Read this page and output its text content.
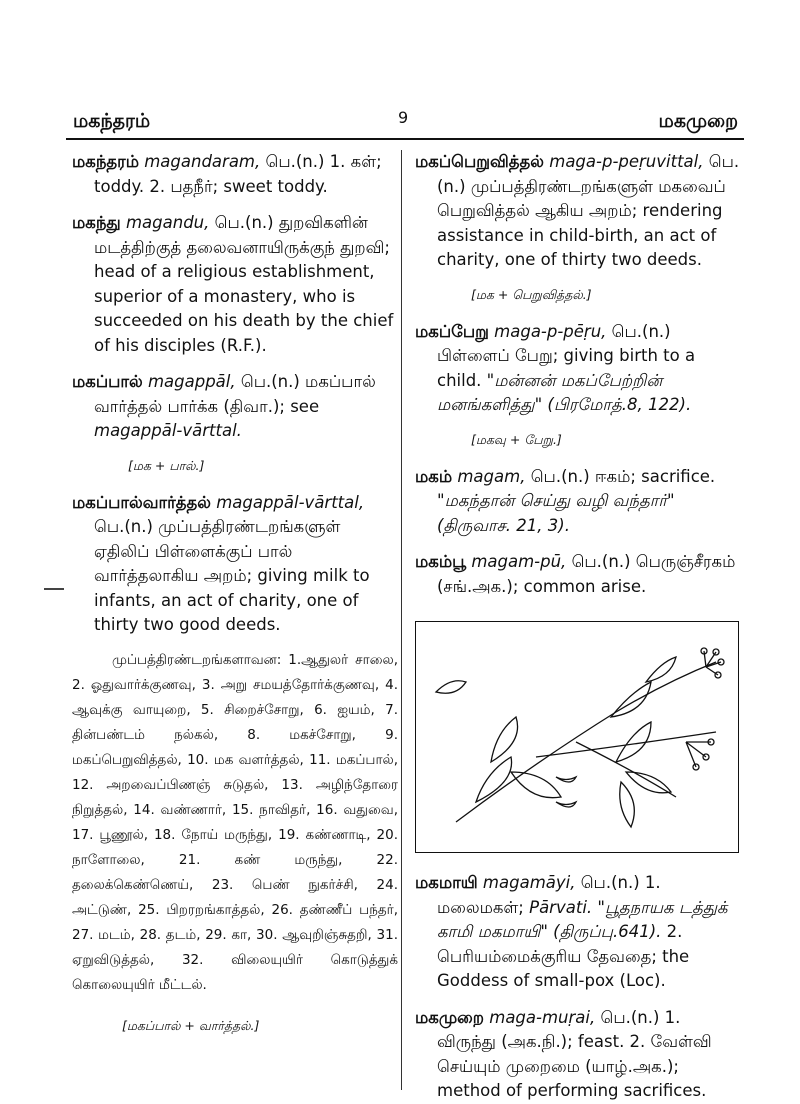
மகந்தரம்	9	மகமுறை

மகந்தரம் magandaram, பெ.(n.) 1. கள்; toddy. 2. பதநீர்; sweet toddy.

மகந்து magandu, பெ.(n.) துறவிகளின் மடத்திற்குத் தலைவனாயிருக்குந் துறவி; head of a religious establishment, superior of a monastery, who is succeeded on his death by the chief of his disciples (R.F.).

மகப்பால் magappāl, பெ.(n.) மகப்பால் வார்த்தல் பார்க்க (திவா.); see magappāl-vārttal.

[மக + பால்.]

மகப்பால்வார்த்தல் magappāl-vārttal, பெ.(n.) முப்பத்திரண்டறங்களுள் ஏதிலிப் பிள்ளைக்குப் பால் வார்த்தலாகிய அறம்; giving milk to infants, an act of charity, one of thirty two good deeds.

முப்பத்திரண்டறங்களாவன: 1.ஆதுலர் சாலை, 2. ஓதுவார்க்குணவு, 3. அறு சமயத்தோர்க்குணவு, 4. ஆவுக்கு வாயுறை, 5. சிறைச்சோறு, 6. ஐயம், 7. தின்பண்டம் நல்கல், 8. மகச்சோறு, 9. மகப்பெறுவித்தல், 10. மக வளர்த்தல், 11. மகப்பால், 12. அறவைப்பிணஞ் சுடுதல், 13. அழிந்தோரை நிறுத்தல், 14. வண்ணார், 15. நாவிதர், 16. வதுவை, 17. பூணூல், 18. நோய் மருந்து, 19. கண்ணாடி, 20. நாளோலை, 21. கண் மருந்து, 22. தலைக்கெண்ணெய், 23. பெண் நுகர்ச்சி, 24. அட்டுண், 25. பிறரறங்காத்தல், 26. தண்ணீப் பந்தர், 27. மடம், 28. தடம், 29. கா, 30. ஆவுறிஞ்சுதறி, 31. ஏறுவிடுத்தல், 32. விலையுயிர் கொடுத்துக் கொலையுயிர் மீட்டல்.

[மகப்பால் + வார்த்தல்.]

மகப்பெறுவித்தல் maga-p-peṛuvittal, பெ.(n.) முப்பத்திரண்டறங்களுள் மகவைப் பெறுவித்தல் ஆகிய அறம்; rendering assistance in child-birth, an act of charity, one of thirty two deeds.

[மக + பெறுவித்தல்.]

மகப்பேறு maga-p-pēṛu, பெ.(n.) பிள்ளைப் பேறு; giving birth to a child. "மன்னன் மகப்பேற்றின் மனங்களித்து" (பிரமோத்.8, 122).

[மகவு + பேறு.]

மகம் magam, பெ.(n.) ஈகம்; sacrifice. "மகந்தான் செய்து வழி வந்தார்" (திருவாச. 21, 3).

மகம்பூ magam-pū, பெ.(n.) பெருஞ்சீரகம் (சங்.அக.); common arise.

மகமாயி magamāyi, பெ.(n.) 1. மலைமகள்; Pārvati. "பூதநாயக டத்துக் காமி மகமாயி" (திருப்பு.641). 2. பெரியம்மைக்குரிய தேவதை; the Goddess of small-pox (Loc).

மகமுறை maga-muṛai, பெ.(n.) 1. விருந்து (அக.நி.); feast. 2. வேள்வி செய்யும் முறைமை (யாழ்.அக.); method of performing sacrifices.
